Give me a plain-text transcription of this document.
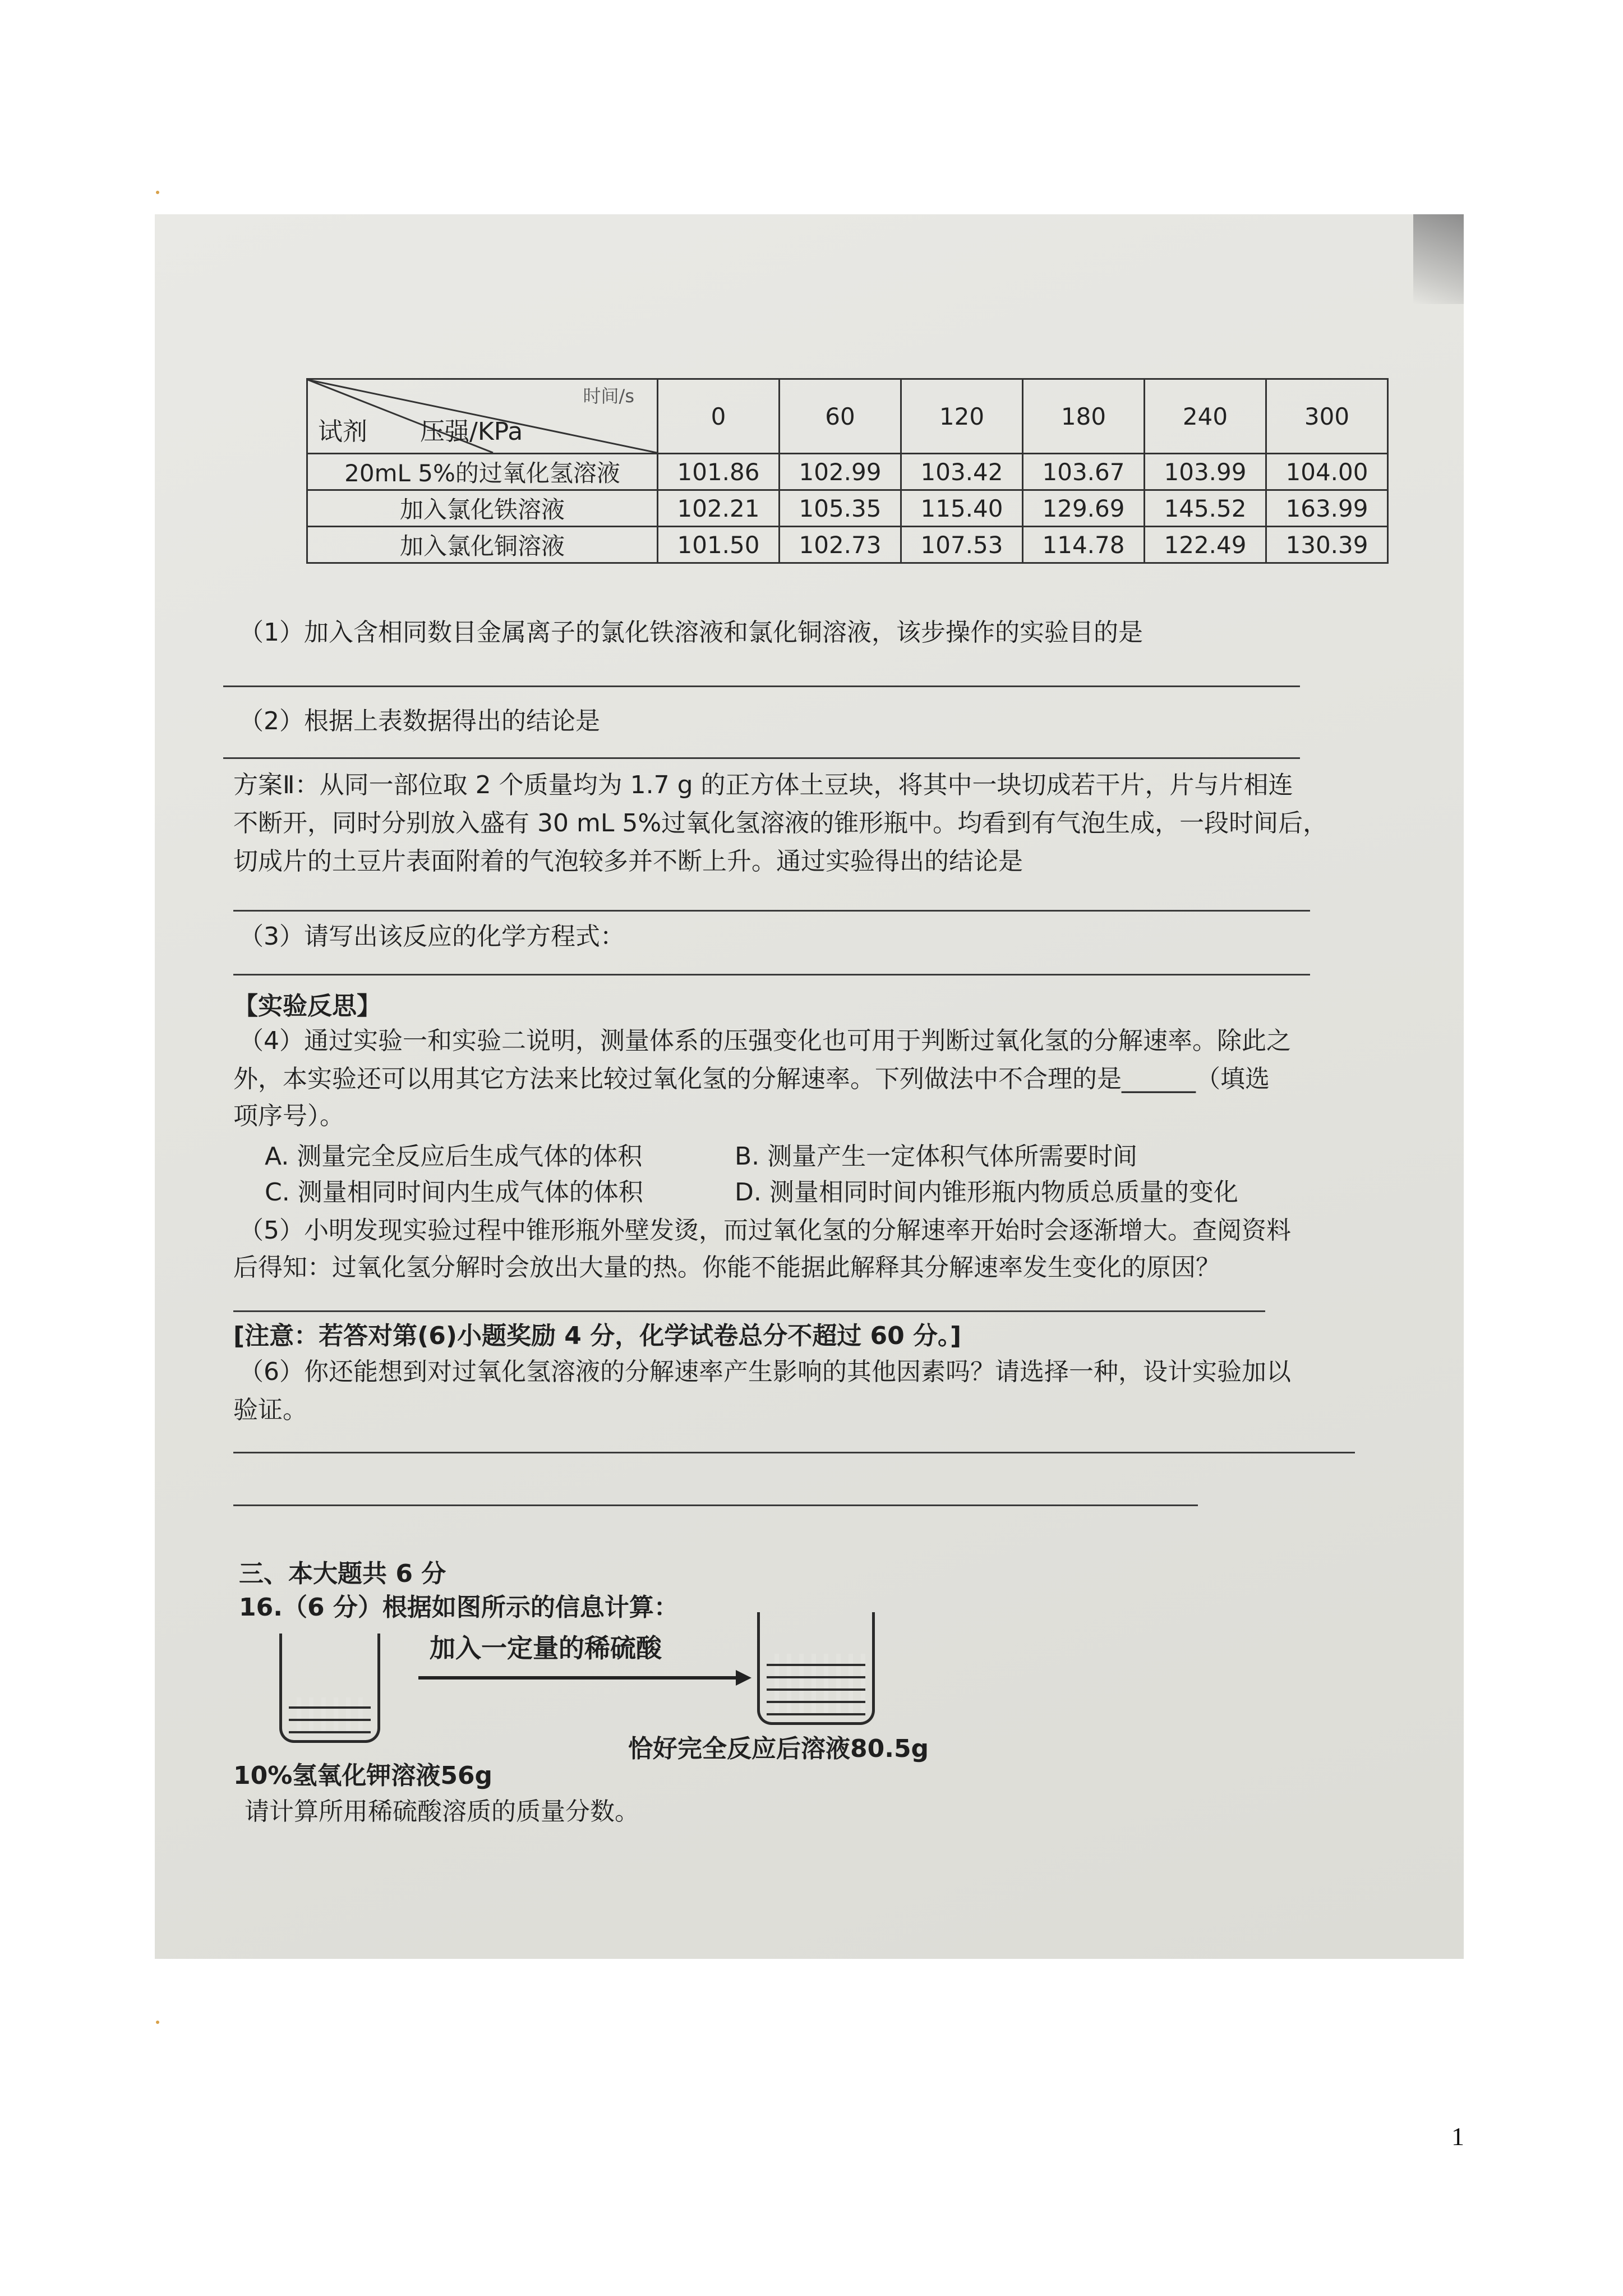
时间/s
压强/KPa
试剂	0	60	120	180	240	300
20mL 5%的过氧化氢溶液	101.86	102.99	103.42	103.67	103.99	104.00
加入氯化铁溶液	102.21	105.35	115.40	129.69	145.52	163.99
加入氯化铜溶液	101.50	102.73	107.53	114.78	122.49	130.39
（1）加入含相同数目金属离子的氯化铁溶液和氯化铜溶液，该步操作的实验目的是
（2）根据上表数据得出的结论是
方案Ⅱ：从同一部位取 2 个质量均为 1.7 g 的正方体土豆块，将其中一块切成若干片，片与片相连
不断开，同时分别放入盛有 30 mL 5%过氧化氢溶液的锥形瓶中。均看到有气泡生成，一段时间后，
切成片的土豆片表面附着的气泡较多并不断上升。通过实验得出的结论是
（3）请写出该反应的化学方程式：
【实验反思】
（4）通过实验一和实验二说明，测量体系的压强变化也可用于判断过氧化氢的分解速率。除此之
外，本实验还可以用其它方法来比较过氧化氢的分解速率。下列做法中不合理的是______（填选
项序号）。
A. 测量完全反应后生成气体的体积	B. 测量产生一定体积气体所需要时间
C. 测量相同时间内生成气体的体积	D. 测量相同时间内锥形瓶内物质总质量的变化
（5）小明发现实验过程中锥形瓶外壁发烫，而过氧化氢的分解速率开始时会逐渐增大。查阅资料
后得知：过氧化氢分解时会放出大量的热。你能不能据此解释其分解速率发生变化的原因？
[注意：若答对第(6)小题奖励 4 分，化学试卷总分不超过 60 分。]
（6）你还能想到对过氧化氢溶液的分解速率产生影响的其他因素吗？请选择一种，设计实验加以
验证。
三、本大题共 6 分
16.（6 分）根据如图所示的信息计算：
加入一定量的稀硫酸
恰好完全反应后溶液80.5g
10%氢氧化钾溶液56g
请计算所用稀硫酸溶质的质量分数。
1
